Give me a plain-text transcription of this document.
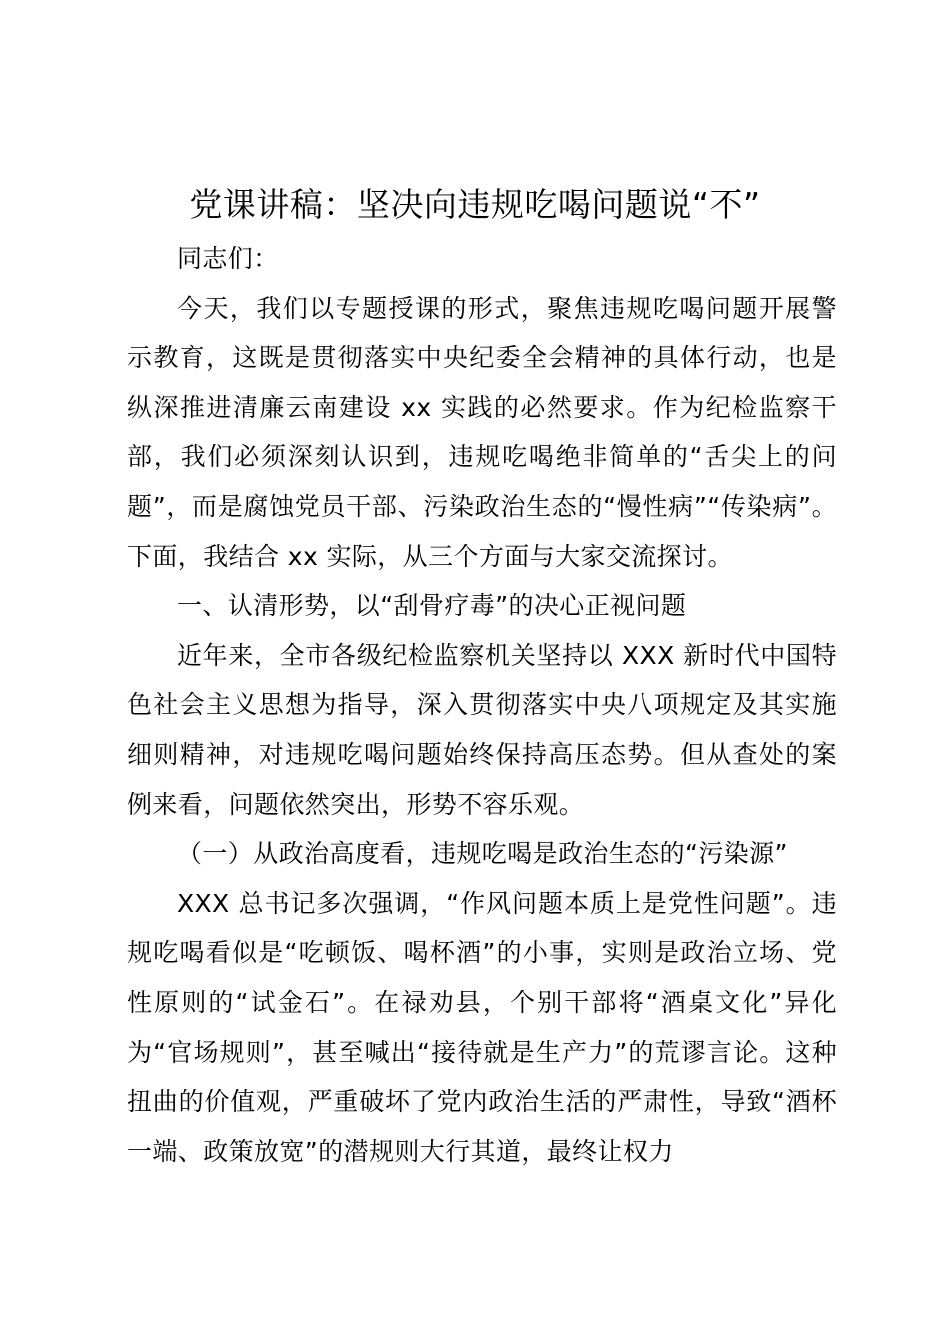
党课讲稿：坚决向违规吃喝问题说“不”

同志们：

今天，我们以专题授课的形式，聚焦违规吃喝问题开展警示教育，这既是贯彻落实中央纪委全会精神的具体行动，也是纵深推进清廉云南建设 xx 实践的必然要求。作为纪检监察干部，我们必须深刻认识到，违规吃喝绝非简单的“舌尖上的问题”，而是腐蚀党员干部、污染政治生态的“慢性病”“传染病”。下面，我结合 xx 实际，从三个方面与大家交流探讨。

一、认清形势，以“刮骨疗毒”的决心正视问题

近年来，全市各级纪检监察机关坚持以 XXX 新时代中国特色社会主义思想为指导，深入贯彻落实中央八项规定及其实施细则精神，对违规吃喝问题始终保持高压态势。但从查处的案例来看，问题依然突出，形势不容乐观。

（一）从政治高度看，违规吃喝是政治生态的“污染源”

XXX 总书记多次强调，“作风问题本质上是党性问题”。违规吃喝看似是“吃顿饭、喝杯酒”的小事，实则是政治立场、党性原则的“试金石”。在禄劝县，个别干部将“酒桌文化”异化为“官场规则”，甚至喊出“接待就是生产力”的荒谬言论。这种扭曲的价值观，严重破坏了党内政治生活的严肃性，导致“酒杯一端、政策放宽”的潜规则大行其道，最终让权力
